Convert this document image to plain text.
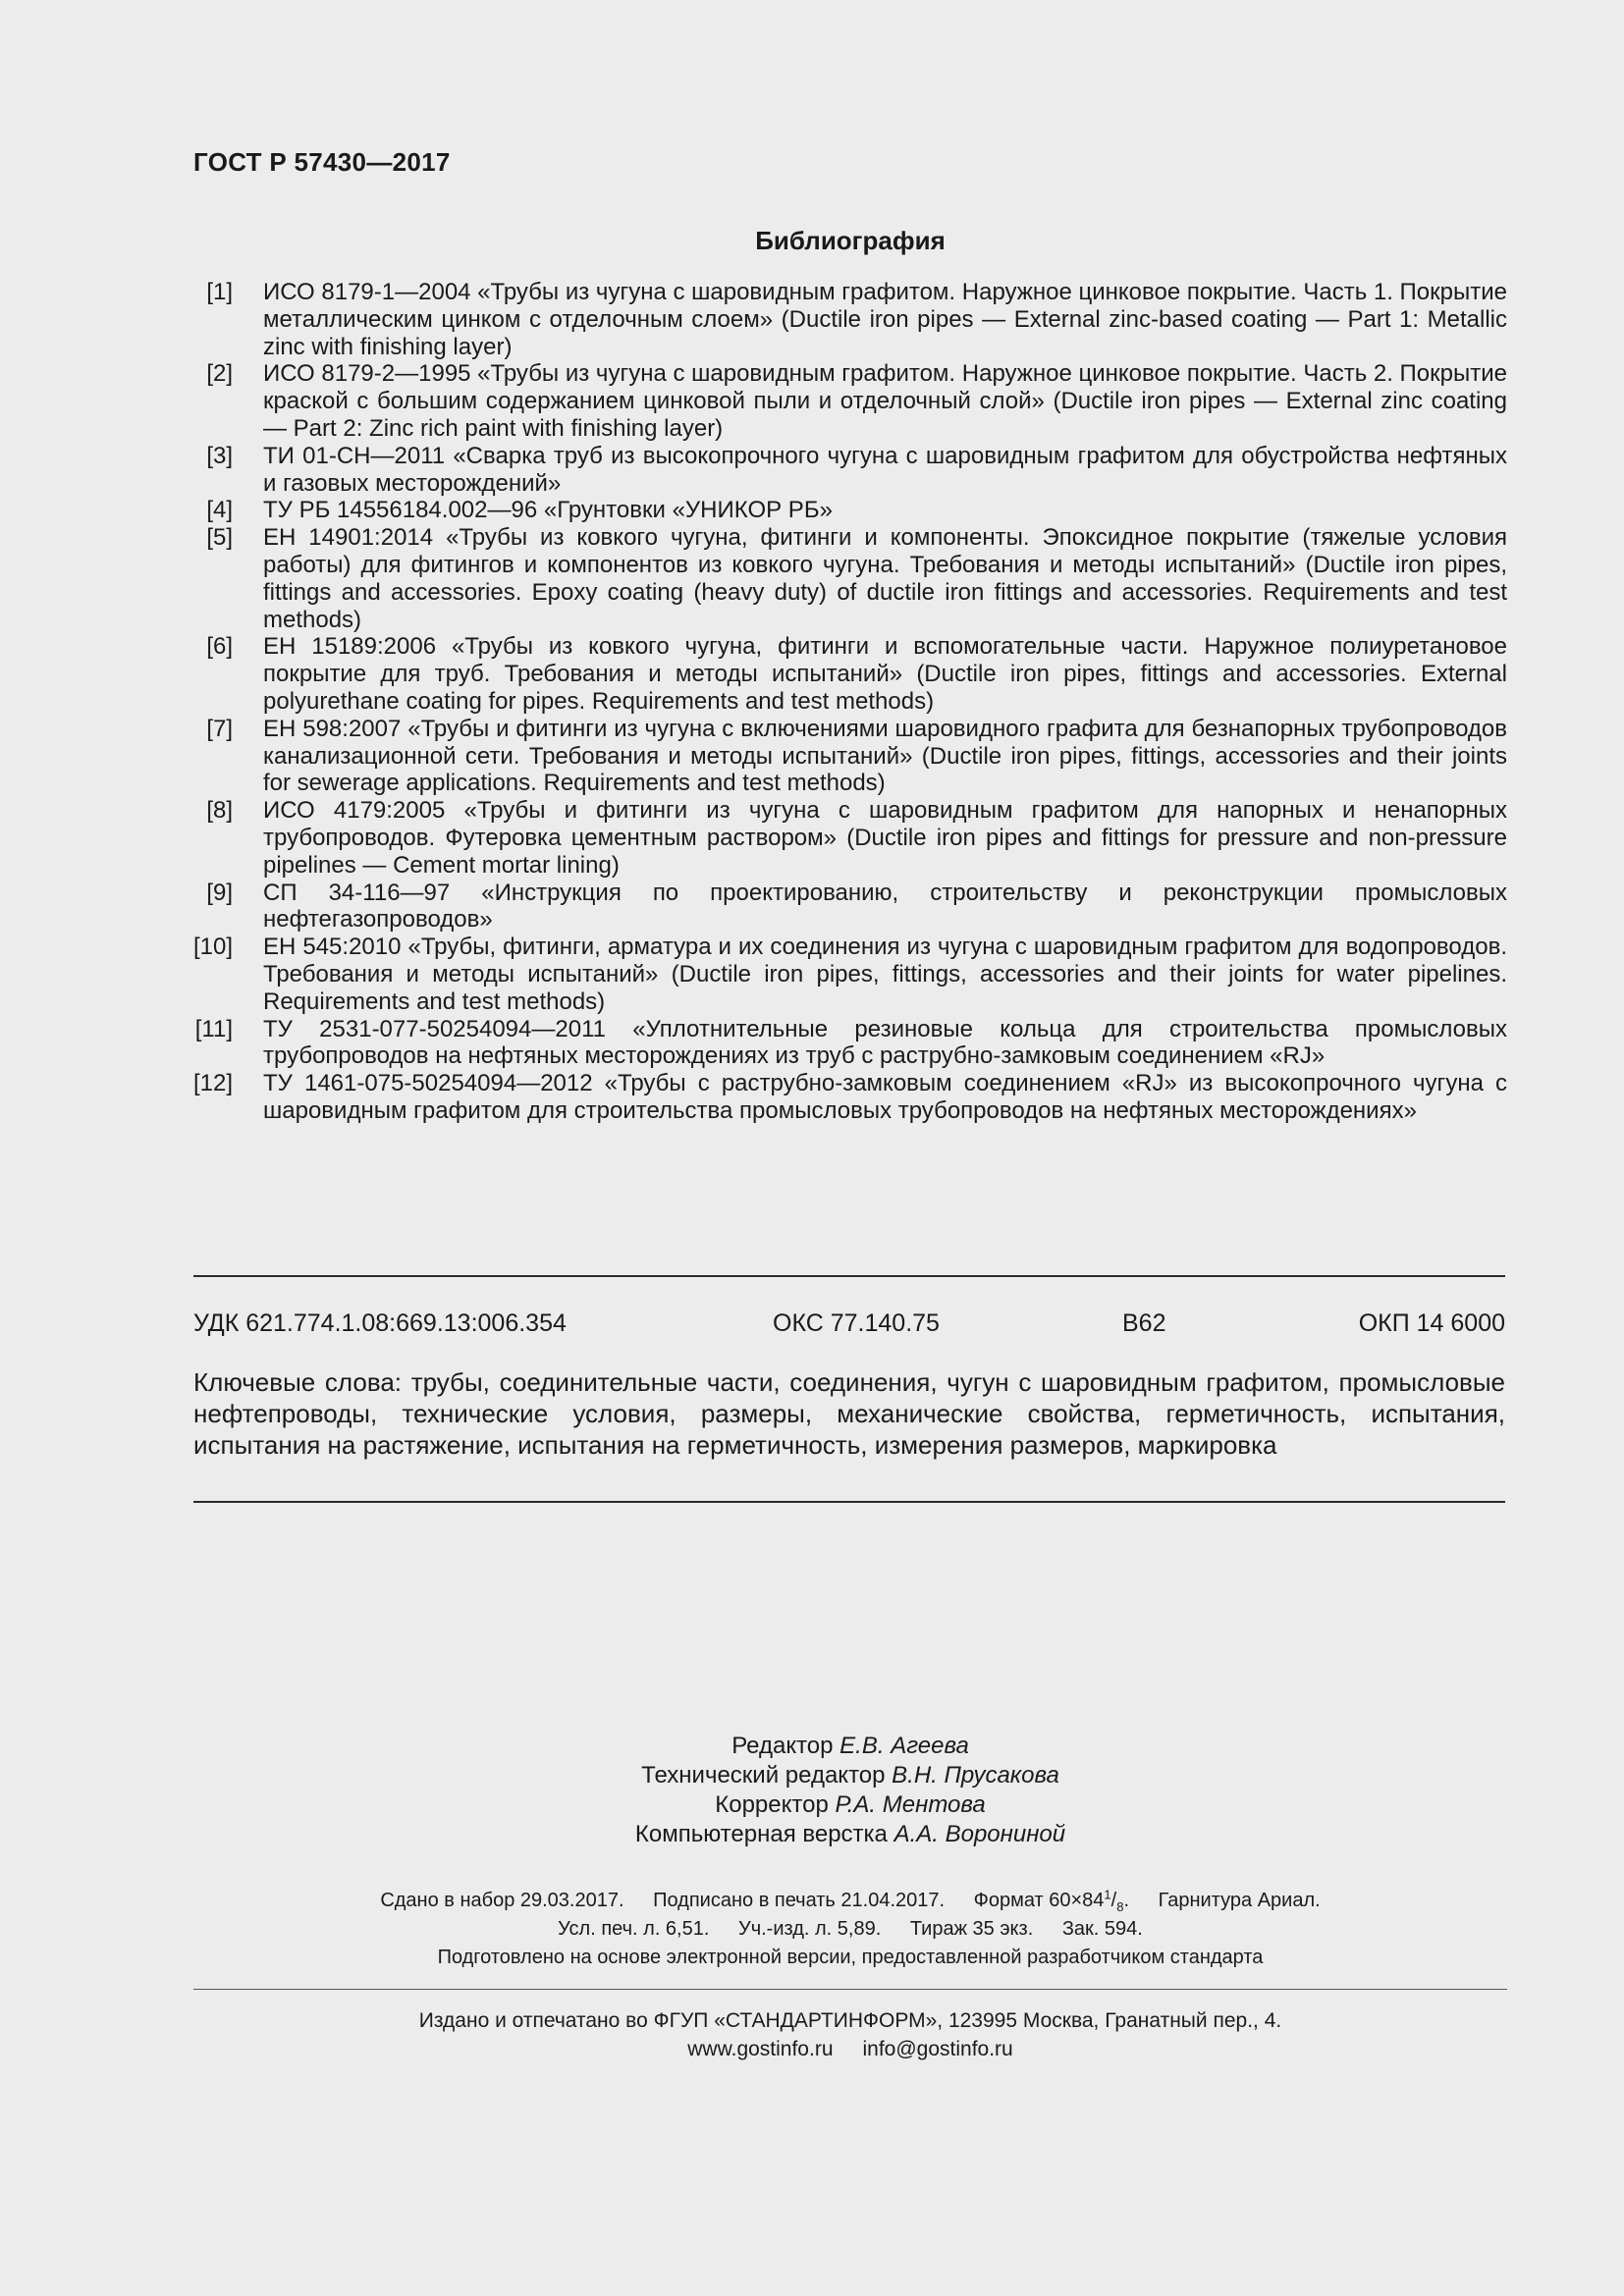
ГОСТ Р 57430—2017
Библиография
[1] ИСО 8179-1—2004 «Трубы из чугуна с шаровидным графитом. Наружное цинковое покрытие. Часть 1. Покрытие металлическим цинком с отделочным слоем» (Ductile iron pipes — External zinc-based coating — Part 1: Metallic zinc with finishing layer)
[2] ИСО 8179-2—1995 «Трубы из чугуна с шаровидным графитом. Наружное цинковое покрытие. Часть 2. Покрытие краской с большим содержанием цинковой пыли и отделочный слой» (Ductile iron pipes — External zinc coating — Part 2: Zinc rich paint with finishing layer)
[3] ТИ 01-СН—2011 «Сварка труб из высокопрочного чугуна с шаровидным графитом для обустройства нефтяных и газовых месторождений»
[4] ТУ РБ 14556184.002—96 «Грунтовки «УНИКОР РБ»
[5] ЕН 14901:2014 «Трубы из ковкого чугуна, фитинги и компоненты. Эпоксидное покрытие (тяжелые условия работы) для фитингов и компонентов из ковкого чугуна. Требования и методы испытаний» (Ductile iron pipes, fittings and accessories. Epoxy coating (heavy duty) of ductile iron fittings and accessories. Requirements and test methods)
[6] ЕН 15189:2006 «Трубы из ковкого чугуна, фитинги и вспомогательные части. Наружное полиуретановое покрытие для труб. Требования и методы испытаний» (Ductile iron pipes, fittings and accessories. External polyurethane coating for pipes. Requirements and test methods)
[7] ЕН 598:2007 «Трубы и фитинги из чугуна с включениями шаровидного графита для безнапорных трубопроводов канализационной сети. Требования и методы испытаний» (Ductile iron pipes, fittings, accessories and their joints for sewerage applications. Requirements and test methods)
[8] ИСО 4179:2005 «Трубы и фитинги из чугуна с шаровидным графитом для напорных и ненапорных трубопроводов. Футеровка цементным раствором» (Ductile iron pipes and fittings for pressure and non-pressure pipelines — Cement mortar lining)
[9] СП 34-116—97 «Инструкция по проектированию, строительству и реконструкции промысловых нефтегазопроводов»
[10] ЕН 545:2010 «Трубы, фитинги, арматура и их соединения из чугуна с шаровидным графитом для водопроводов. Требования и методы испытаний» (Ductile iron pipes, fittings, accessories and their joints for water pipelines. Requirements and test methods)
[11] ТУ 2531-077-50254094—2011 «Уплотнительные резиновые кольца для строительства промысловых трубопроводов на нефтяных месторождениях из труб с раструбно-замковым соединением «RJ»
[12] ТУ 1461-075-50254094—2012 «Трубы с раструбно-замковым соединением «RJ» из высокопрочного чугуна с шаровидным графитом для строительства промысловых трубопроводов на нефтяных месторождениях»
УДК 621.774.1.08:669.13:006.354	ОКС 77.140.75	В62	ОКП 14 6000
Ключевые слова: трубы, соединительные части, соединения, чугун с шаровидным графитом, промысловые нефтепроводы, технические условия, размеры, механические свойства, герметичность, испытания, испытания на растяжение, испытания на герметичность, измерения размеров, маркировка
Редактор Е.В. Агеева
Технический редактор В.Н. Прусакова
Корректор Р.А. Ментова
Компьютерная верстка А.А. Ворониной
Сдано в набор 29.03.2017. Подписано в печать 21.04.2017. Формат $60\times 84^1/_8$. Гарнитура Ариал.
Усл. печ. л. 6,51. Уч.-изд. л. 5,89. Тираж 35 экз. Зак. 594.
Подготовлено на основе электронной версии, предоставленной разработчиком стандарта
Издано и отпечатано во ФГУП «СТАНДАРТИНФОРМ», 123995 Москва, Гранатный пер., 4.
www.gostinfo.ru info@gostinfo.ru
